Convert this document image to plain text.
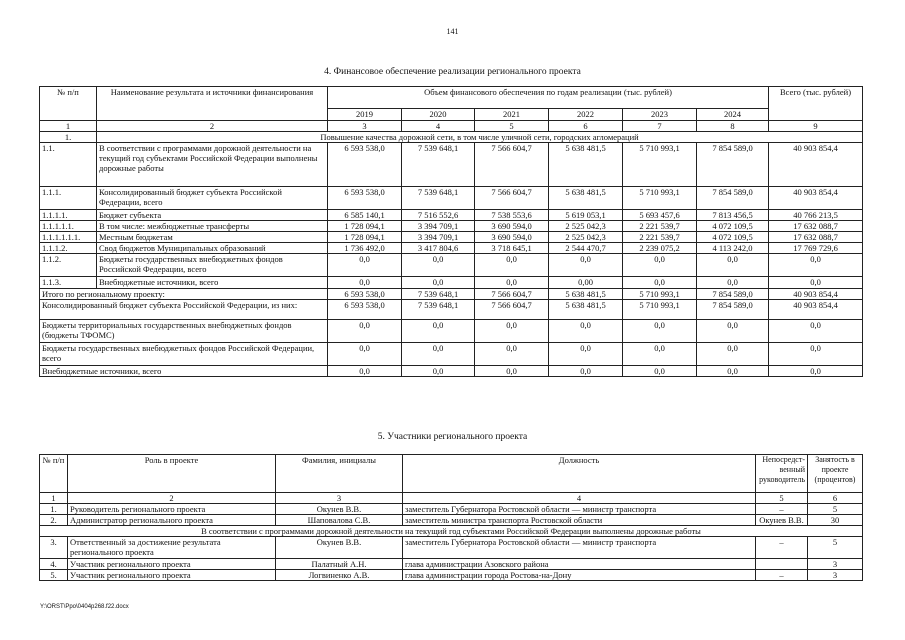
141
4. Финансовое обеспечение реализации регионального проекта
№ п/п	Наименование результата и источники финансирования	Объем финансового обеспечения по годам реализации (тыс. рублей)						Всего (тыс. рублей)
		2019	2020	2021	2022	2023	2024	
1	2	3	4	5	6	7	8	9
1.	Повышение качества дорожной сети, в том числе уличной сети, городских агломераций							
1.1.	В соответствии с программами дорожной деятельности на текущий год субъектами Российской Федерации выполнены дорожные работы	6 593 538,0	7 539 648,1	7 566 604,7	5 638 481,5	5 710 993,1	7 854 589,0	40 903 854,4
1.1.1.	Консолидированный бюджет субъекта Российской Федерации, всего	6 593 538,0	7 539 648,1	7 566 604,7	5 638 481,5	5 710 993,1	7 854 589,0	40 903 854,4
1.1.1.1.	Бюджет субъекта	6 585 140,1	7 516 552,6	7 538 553,6	5 619 053,1	5 693 457,6	7 813 456,5	40 766 213,5
1.1.1.1.1.	В том числе: межбюджетные трансферты	1 728 094,1	3 394 709,1	3 690 594,0	2 525 042,3	2 221 539,7	4 072 109,5	17 632 088,7
1.1.1.1.1.1.	Местным бюджетам	1 728 094,1	3 394 709,1	3 690 594,0	2 525 042,3	2 221 539,7	4 072 109,5	17 632 088,7
1.1.1.2.	Свод бюджетов Муниципальных образований	1 736 492,0	3 417 804,6	3 718 645,1	2 544 470,7	2 239 075,2	4 113 242,0	17 769 729,6
1.1.2.	Бюджеты государственных внебюджетных фондов Российской Федерации, всего	0,0	0,0	0,0	0,0	0,0	0,0	0,0
1.1.3.	Внебюджетные источники, всего	0,0	0,0	0,0	0,00	0,0	0,0	0,0
Итого по региональному проекту:		6 593 538,0	7 539 648,1	7 566 604,7	5 638 481,5	5 710 993,1	7 854 589,0	40 903 854,4
Консолидированный бюджет субъекта Российской Федерации, из них:		6 593 538,0	7 539 648,1	7 566 604,7	5 638 481,5	5 710 993,1	7 854 589,0	40 903 854,4
Бюджеты территориальных государственных внебюджетных фондов (бюджеты ТФОМС)		0,0	0,0	0,0	0,0	0,0	0,0	0,0
Бюджеты государственных внебюджетных фондов Российской Федерации, всего		0,0	0,0	0,0	0,0	0,0	0,0	0,0
Внебюджетные источники, всего		0,0	0,0	0,0	0,0	0,0	0,0	0,0
5. Участники регионального проекта
№ п/п	Роль в проекте	Фамилия, инициалы	Должность	Непосредст-венный руководитель	Занятость в проекте (процентов)
1	2	3	4	5	6
1.	Руководитель регионального проекта	Окунев В.В.	заместитель Губернатора Ростовской области — министр транспорта	–	5
2.	Администратор регионального проекта	Шаповалова С.В.	заместитель министра транспорта Ростовской области	Окунев В.В.	30
В соответствии с программами дорожной деятельности на текущий год субъектами Российской Федерации выполнены дорожные работы					
3.	Ответственный за достижение результата регионального проекта	Окунев В.В.	заместитель Губернатора Ростовской области — министр транспорта	–	5
4.	Участник регионального проекта	Палатный А.Н.	глава администрации Азовского района		3
5.	Участник регионального проекта	Логвиненко А.В.	глава администрации города Ростова-на-Дону	–	3
Y:\ORST\Ppo\0404p268.f22.docx
